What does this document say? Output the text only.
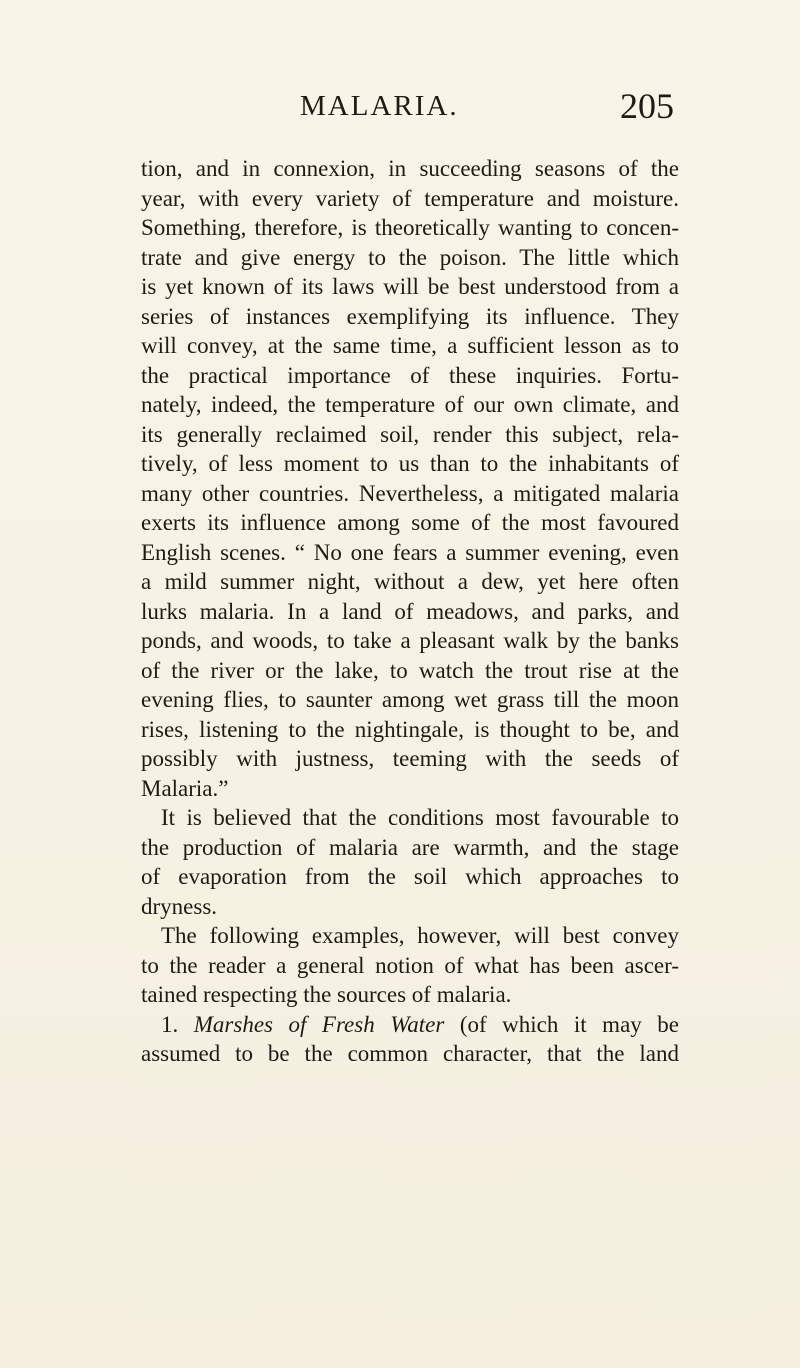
MALARIA.	205
tion, and in connexion, in succeeding seasons of the
year, with every variety of temperature and moisture.
Something, therefore, is theoretically wanting to concen-
trate and give energy to the poison. The little which
is yet known of its laws will be best understood from a
series of instances exemplifying its influence. They
will convey, at the same time, a sufficient lesson as to
the practical importance of these inquiries. Fortu-
nately, indeed, the temperature of our own climate, and
its generally reclaimed soil, render this subject, rela-
tively, of less moment to us than to the inhabitants of
many other countries. Nevertheless, a mitigated malaria
exerts its influence among some of the most favoured
English scenes. “ No one fears a summer evening, even
a mild summer night, without a dew, yet here often
lurks malaria. In a land of meadows, and parks, and
ponds, and woods, to take a pleasant walk by the banks
of the river or the lake, to watch the trout rise at the
evening flies, to saunter among wet grass till the moon
rises, listening to the nightingale, is thought to be, and
possibly with justness, teeming with the seeds of
Malaria.”
It is believed that the conditions most favourable to
the production of malaria are warmth, and the stage
of evaporation from the soil which approaches to
dryness.
The following examples, however, will best convey
to the reader a general notion of what has been ascer-
tained respecting the sources of malaria.
1. Marshes of Fresh Water (of which it may be
assumed to be the common character, that the land
